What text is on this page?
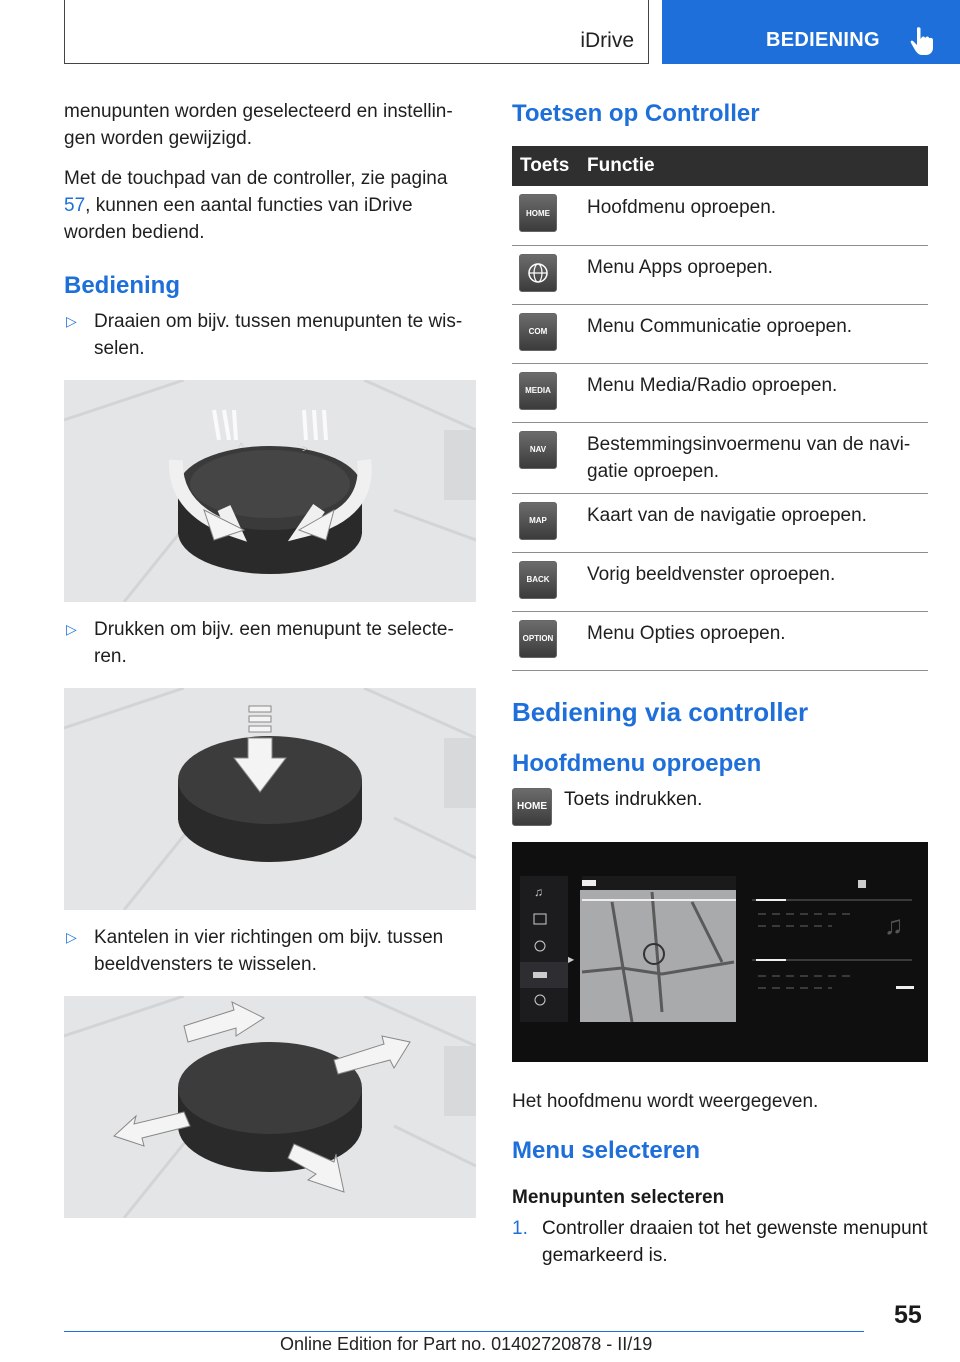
iDrive	BEDIENING

menupunten worden geselecteerd en instellingen worden gewijzigd.

Met de touchpad van de controller, zie pagina 57, kunnen een aantal functies van iDrive worden bediend.

Bediening
▷ Draaien om bijv. tussen menupunten te wisselen.
^	>
▷ Drukken om bijv. een menupunt te selecteren.
▷ Kantelen in vier richtingen om bijv. tussen beeldvensters te wisselen.
Toetsen op Controller
Toets	Functie

HOME	Hoofdmenu oproepen.

	Menu Apps oproepen.

COM	Menu Communicatie oproepen.

MEDIA	Menu Media/Radio oproepen.

NAV	Bestemmingsinvoermenu van de navigatie oproepen.

MAP	Kaart van de navigatie oproepen.

BACK	Vorig beeldvenster oproepen.

OPTION	Menu Opties oproepen.
Bediening via controller
Hoofdmenu oproepen
HOME Toets indrukken.
♫
♫
▶

Het hoofdmenu wordt weergegeven.

Menu selecteren
Menupunten selecteren
1. Controller draaien tot het gewenste menupunt gemarkeerd is.
55
Online Edition for Part no. 01402720878 - II/19
